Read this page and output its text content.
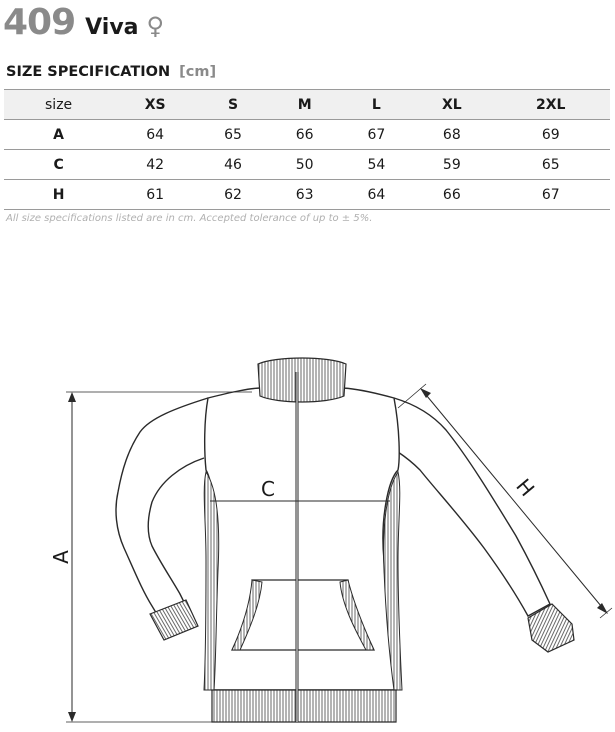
409 Viva ♀
SIZE SPECIFICATION [cm]
size	XS	S	M	L	XL	2XL
A	64	65	66	67	68	69
C	42	46	50	54	59	65
H	61	62	63	64	66	67
All size specifications listed are in cm. Accepted tolerance of up to ± 5%.
A
C	H
